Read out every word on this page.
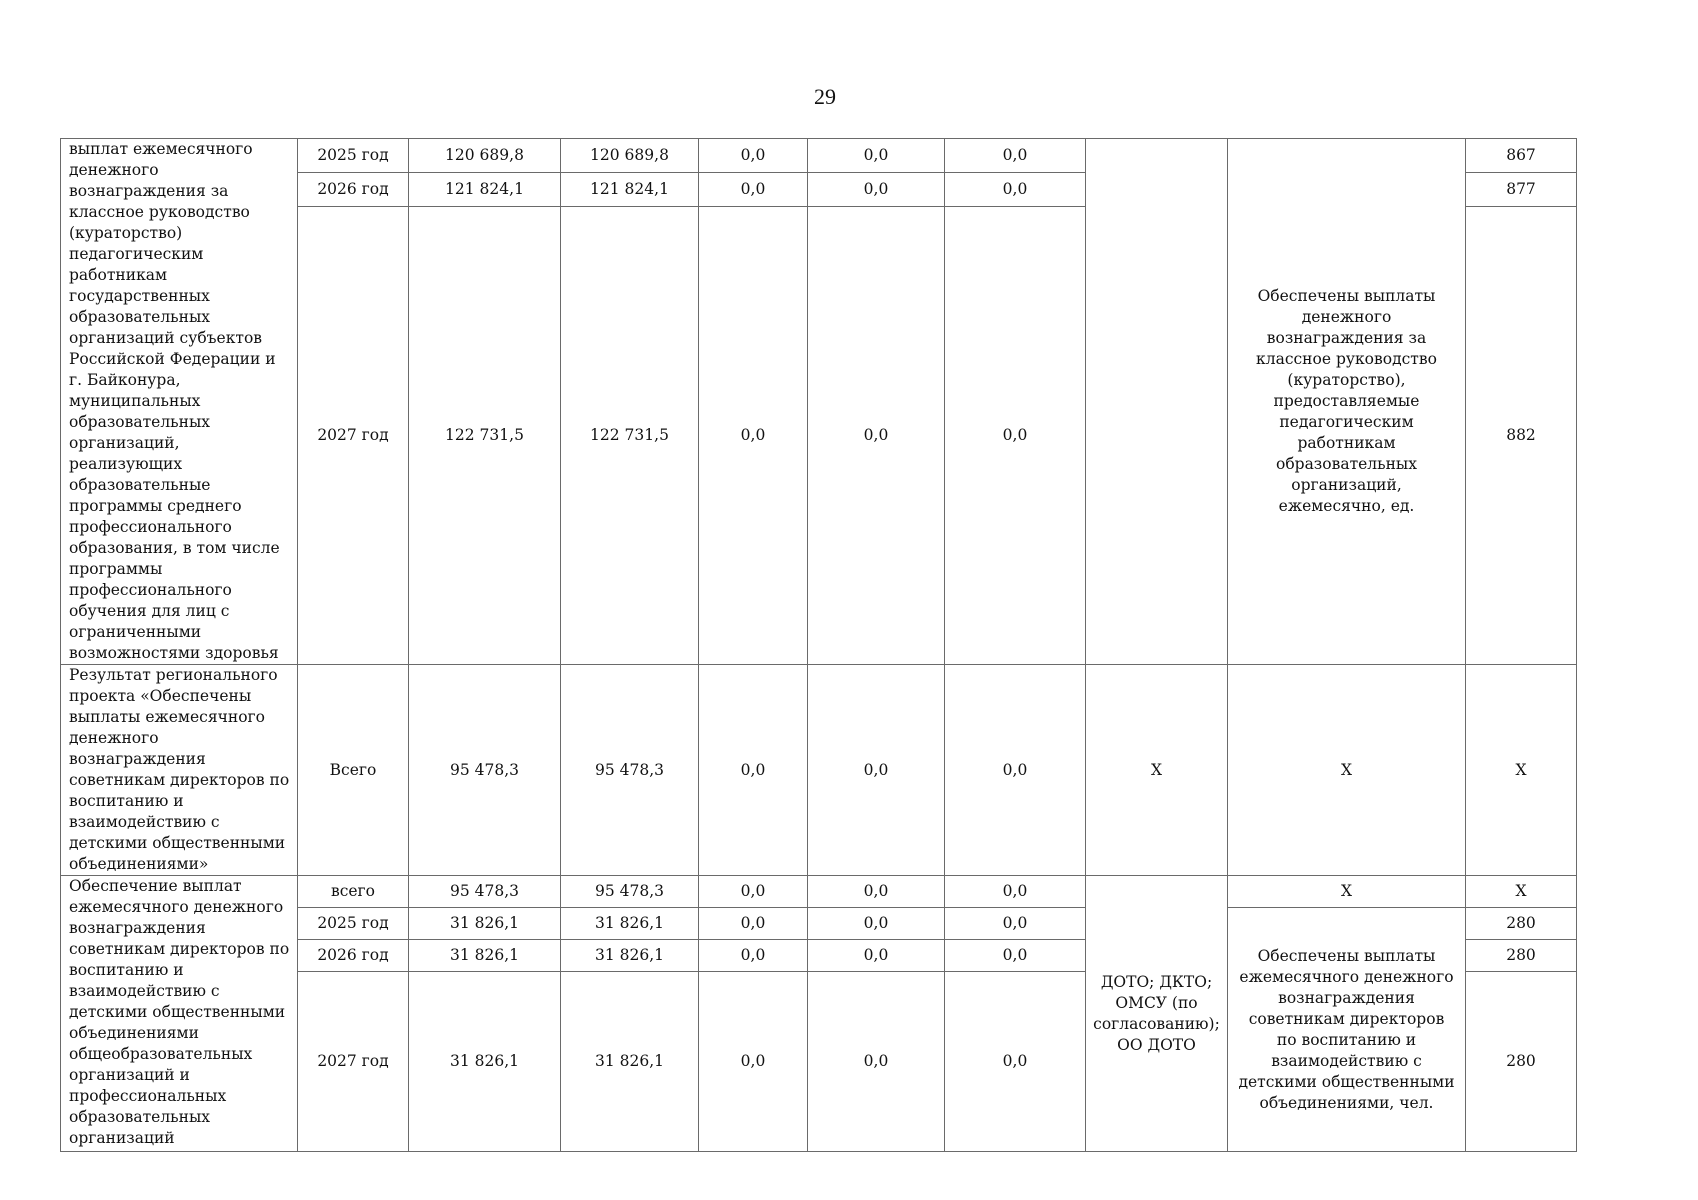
29
выплат ежемесячного денежного вознаграждения за классное руководство (кураторство) педагогическим работникам государственных образовательных организаций субъектов Российской Федерации и г. Байконура, муниципальных образовательных организаций, реализующих образовательные программы среднего профессионального образования, в том числе программы профессионального обучения для лиц с ограниченными возможностями здоровья	2025 год	120 689,8	120 689,8	0,0	0,0	0,0		Обеспечены выплаты денежного вознаграждения за классное руководство (кураторство), предоставляемые педагогическим работникам образовательных организаций, ежемесячно, ед.	867
	2026 год	121 824,1	121 824,1	0,0	0,0	0,0			877
	2027 год	122 731,5	122 731,5	0,0	0,0	0,0			882
Результат регионального проекта «Обеспечены выплаты ежемесячного денежного вознаграждения советникам директоров по воспитанию и взаимодействию с детскими общественными объединениями»	Всего	95 478,3	95 478,3	0,0	0,0	0,0	Х	Х	Х
Обеспечение выплат ежемесячного денежного вознаграждения советникам директоров по воспитанию и взаимодействию с детскими общественными объединениями общеобразовательных организаций и профессиональных образовательных организаций	всего	95 478,3	95 478,3	0,0	0,0	0,0	ДОТО; ДКТО; ОМСУ (по согласованию); ОО ДОТО	Х	Х
	2025 год	31 826,1	31 826,1	0,0	0,0	0,0		Обеспечены выплаты ежемесячного денежного вознаграждения советникам директоров по воспитанию и взаимодействию с детскими общественными объединениями, чел.	280
	2026 год	31 826,1	31 826,1	0,0	0,0	0,0			280
	2027 год	31 826,1	31 826,1	0,0	0,0	0,0			280
